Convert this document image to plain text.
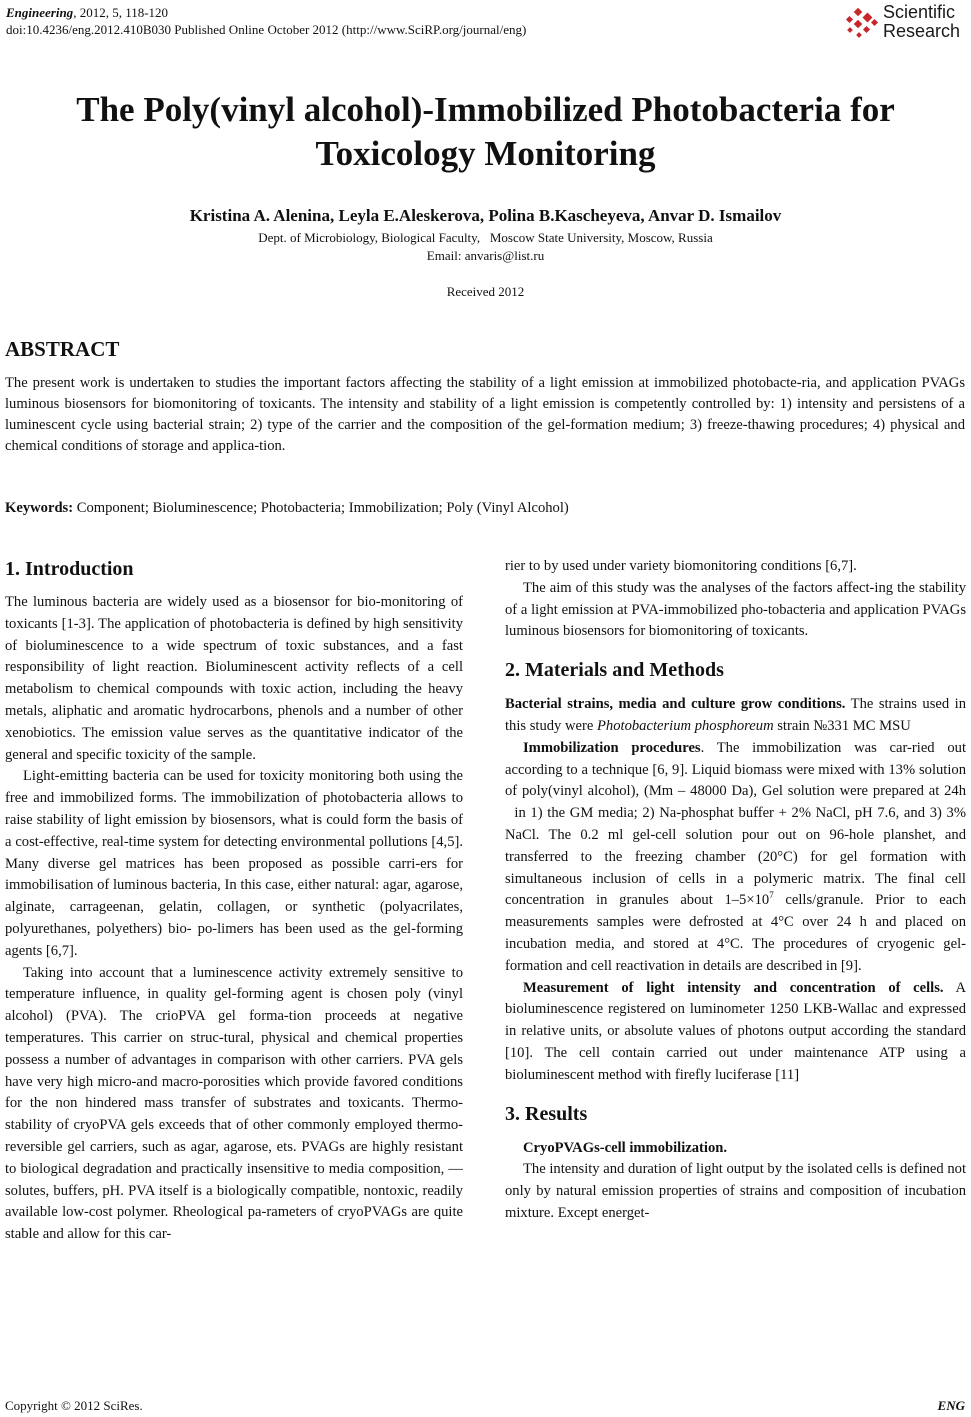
Engineering, 2012, 5, 118-120
doi:10.4236/eng.2012.410B030 Published Online October 2012 (http://www.SciRP.org/journal/eng)
Scientific
Research
The Poly(vinyl alcohol)-Immobilized Photobacteria for
Toxicology Monitoring
Kristina A. Alenina, Leyla E.Aleskerova, Polina B.Kascheyeva, Anvar D. Ismailov
Dept. of Microbiology, Biological Faculty,   Moscow State University, Moscow, Russia
Email: anvaris@list.ru
Received 2012
ABSTRACT
The present work is undertaken to studies the important factors affecting the stability of a light emission at immobilized photobacte-ria, and application PVAGs luminous biosensors for biomonitoring of toxicants. The intensity and stability of a light emission is competently controlled by: 1) intensity and persistens of a luminescent cycle using bacterial strain; 2) type of the carrier and the composition of the gel-formation medium; 3) freeze-thawing procedures; 4) physical and chemical conditions of storage and applica-tion.
Keywords: Component; Bioluminescence; Photobacteria; Immobilization; Poly (Vinyl Alcohol)
1. Introduction

The luminous bacteria are widely used as a biosensor for bio-monitoring of toxicants [1-3]. The application of photobacteria is defined by high sensitivity of bioluminescence to a wide spectrum of toxic substances, and a fast responsibility of light reaction. Bioluminescent activity reflects of a cell metabolism to chemical compounds with toxic action, including the heavy metals, aliphatic and aromatic hydrocarbons, phenols and a number of other xenobiotics. The emission value serves as the quantitative indicator of the general and specific toxicity of the sample.

Light-emitting bacteria can be used for toxicity monitoring both using the free and immobilized forms. The immobilization of photobacteria allows to raise stability of light emission by biosensors, what is could form the basis of a cost-effective, real-time system for detecting environmental pollutions [4,5]. Many diverse gel matrices has been proposed as possible carri-ers for immobilisation of luminous bacteria, In this case, either natural: agar, agarose, alginate, carrageenan, gelatin, collagen, or synthetic (polyacrilates, polyurethanes, polyethers) bio- po-limers has been used as the gel-forming agents [6,7].

Taking into account that a luminescence activity extremely sensitive to temperature influence, in quality gel-forming agent is chosen poly (vinyl alcohol) (PVA). The crioPVA gel forma-tion proceeds at negative temperatures. This carrier on struc-tural, physical and chemical properties possess a number of advantages in comparison with other carriers. PVA gels have very high micro-and macro-porosities which provide favored conditions for the non hindered mass transfer of substrates and toxicants. Thermo-stability of cryoPVA gels exceeds that of other commonly employed thermo-reversible gel carriers, such as agar, agarose, ets. PVAGs are highly resistant to biological degradation and practically insensitive to media composition, — solutes, buffers, pH. PVA itself is a biologically compatible, nontoxic, readily available low-cost polymer. Rheological pa-rameters of cryoPVAGs are quite stable and allow for this car-

rier to by used under variety biomonitoring conditions [6,7].

The aim of this study was the analyses of the factors affect-ing the stability of a light emission at PVA-immobilized pho-tobacteria and application PVAGs luminous biosensors for biomonitoring of toxicants.

2. Materials and Methods

Bacterial strains, media and culture grow conditions. The strains used in this study were Photobacterium phosphoreum strain №331 MC MSU

Immobilization procedures. The immobilization was car-ried out according to a technique [6, 9]. Liquid biomass were mixed with 13% solution of poly(vinyl alcohol), (Mm – 48000 Da), Gel solution were prepared at 24h   in 1) the GM media; 2) Na-phosphat buffer + 2% NaCl, pH 7.6, and 3) 3% NaCl. The 0.2 ml gel-cell solution pour out on 96-hole planshet, and transferred to the freezing chamber (20°C) for gel formation with simultaneous inclusion of cells in a polymeric matrix. The final cell concentration in granules about $1-5\times 10^7$ cells/granule. Prior to each measurements samples were defrosted at 4°C over 24 h and placed on incubation media, and stored at 4°C. The procedures of cryogenic gel-formation and cell reactivation in details are described in [9].

Measurement of light intensity and concentration of cells. A bioluminescence registered on luminometer 1250 LKB-Wallac and expressed in relative units, or absolute values of photons output according the standard [10]. The cell contain carried out under maintenance ATP using a bioluminescent method with firefly luciferase [11]

3. Results

CryoPVAGs-cell immobilization.

The intensity and duration of light output by the isolated cells is defined not only by natural emission properties of strains and composition of incubation mixture. Except energet-

Copyright © 2012 SciRes.	ENG
